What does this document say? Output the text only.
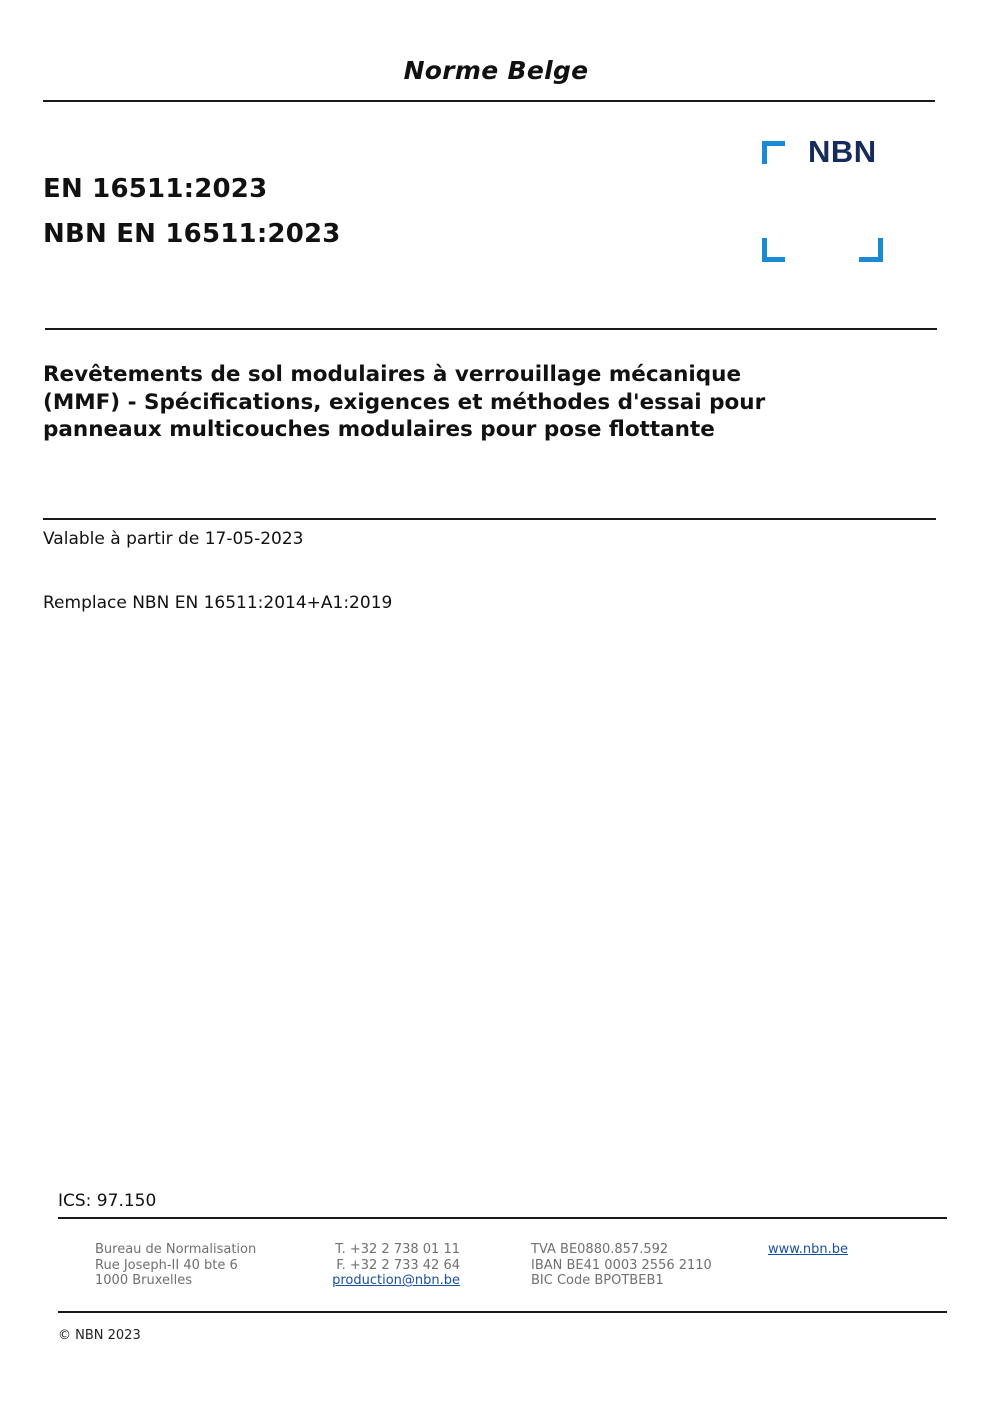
Norme Belge
EN 16511:2023
NBN EN 16511:2023
NBN
Revêtements de sol modulaires à verrouillage mécanique
(MMF) - Spécifications, exigences et méthodes d'essai pour
panneaux multicouches modulaires pour pose flottante
Valable à partir de 17-05-2023
Remplace NBN EN 16511:2014+A1:2019
ICS: 97.150
Bureau de Normalisation
Rue Joseph-II 40 bte 6
1000 Bruxelles
T. +32 2 738 01 11
F. +32 2 733 42 64
production@nbn.be
TVA BE0880.857.592
IBAN BE41 0003 2556 2110
BIC Code BPOTBEB1
www.nbn.be
© NBN 2023
